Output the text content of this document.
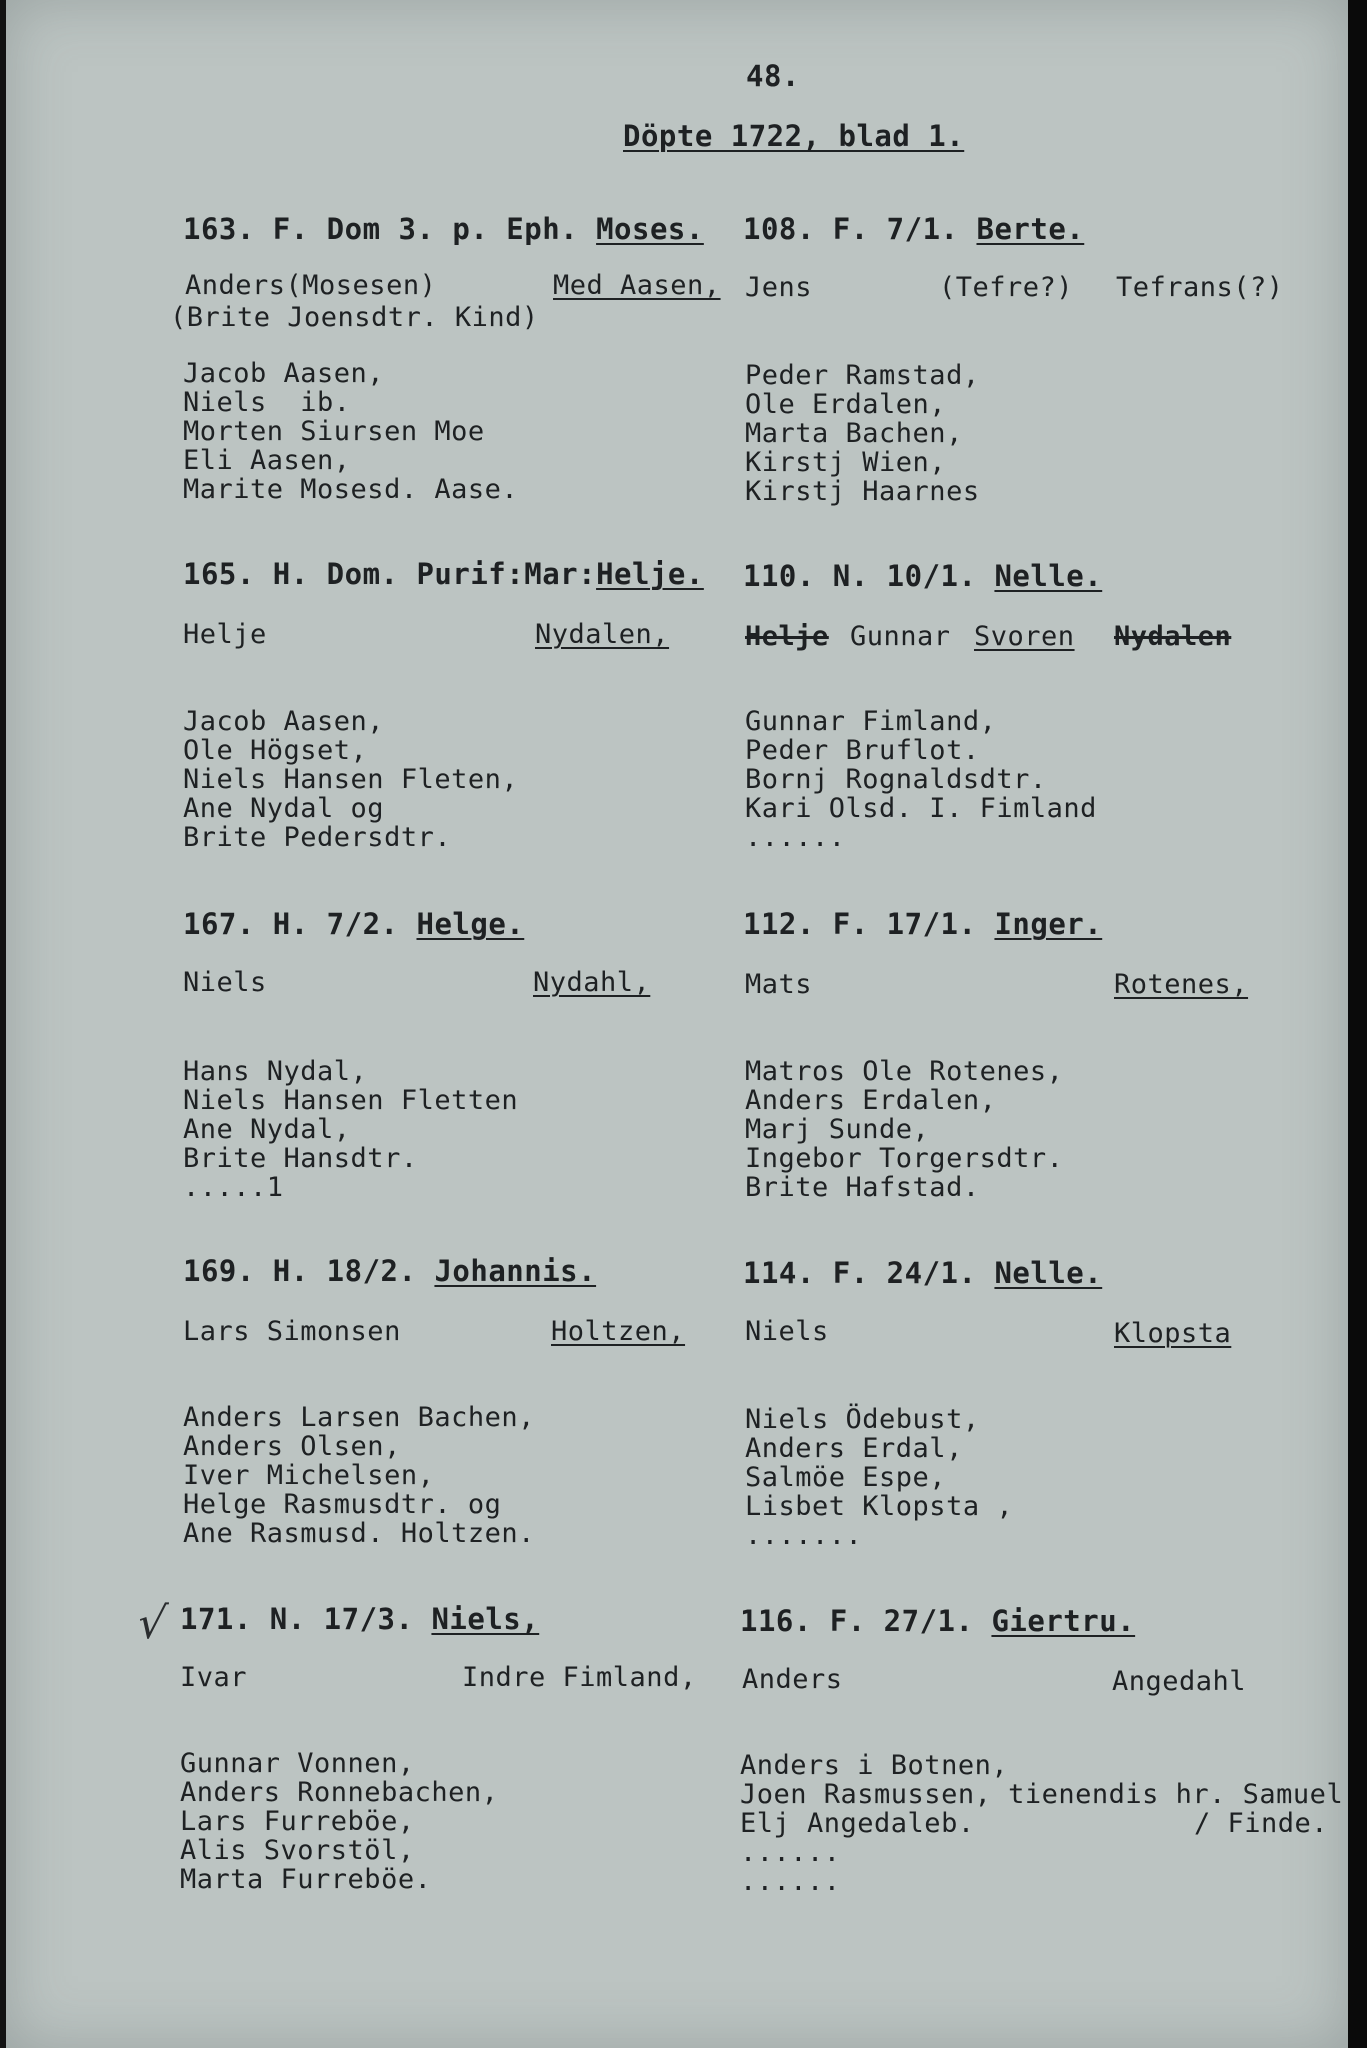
48.

Döpte 1722, blad 1.

163. F. Dom 3. p. Eph. Moses.

Anders(Mosesen)	Med Aasen,

(Brite Joensdtr. Kind)

Jacob Aasen,

Niels  ib.

Morten Siursen Moe

Eli Aasen,

Marite Mosesd. Aase.

165. H. Dom. Purif:Mar:Helje.

Helje	Nydalen,

Jacob Aasen,

Ole Högset,

Niels Hansen Fleten,

Ane Nydal og

Brite Pedersdtr.

167. H. 7/2. Helge.

Niels	Nydahl,

Hans Nydal,

Niels Hansen Fletten

Ane Nydal,

Brite Hansdtr.

.....1

169. H. 18/2. Johannis.

Lars Simonsen	Holtzen,

Anders Larsen Bachen,

Anders Olsen,

Iver Michelsen,

Helge Rasmusdtr. og

Ane Rasmusd. Holtzen.

√ 171. N. 17/3. Niels,

Ivar	Indre Fimland,

Gunnar Vonnen,

Anders Ronnebachen,

Lars Furreböe,

Alis Svorstöl,

Marta Furreböe.

108. F. 7/1. Berte.

Jens	(Tefre?) Tefrans(?)

Peder Ramstad,

Ole Erdalen,

Marta Bachen,

Kirstj Wien,

Kirstj Haarnes

110. N. 10/1. Nelle.

Helje Gunnar Svoren Nydalen

Gunnar Fimland,

Peder Bruflot.

Bornj Rognaldsdtr.

Kari Olsd. I. Fimland

......

112. F. 17/1. Inger.

Mats	Rotenes,

Matros Ole Rotenes,

Anders Erdalen,

Marj Sunde,

Ingebor Torgersdtr.

Brite Hafstad.

114. F. 24/1. Nelle.

Niels	Klopsta

Niels Ödebust,

Anders Erdal,

Salmöe Espe,

Lisbet Klopsta ,

.......

116. F. 27/1. Giertru.

Anders	Angedahl

Anders i Botnen,

Joen Rasmussen, tienendis hr. Samuel

Elj Angedaleb.	/ Finde.

......

......
